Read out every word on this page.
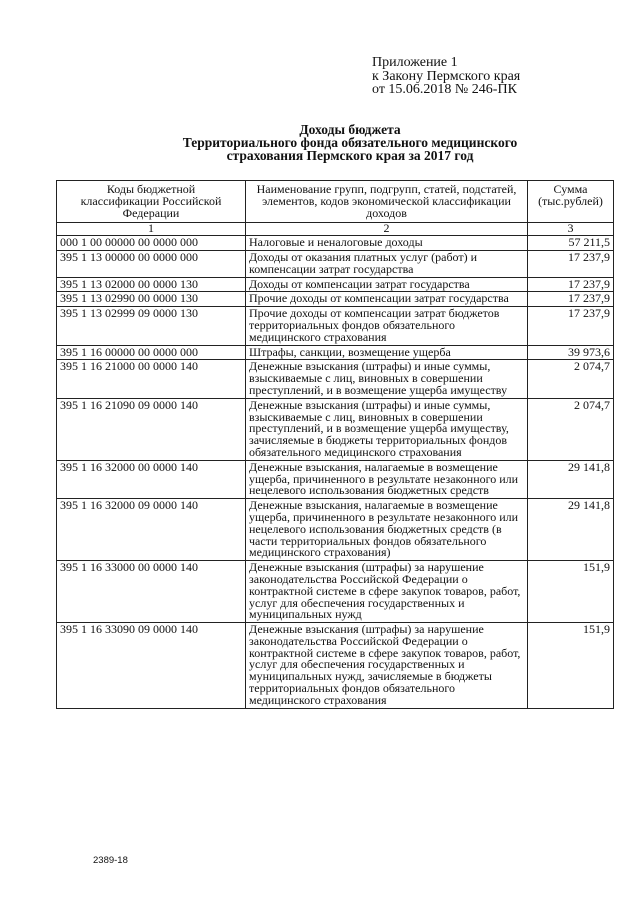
Приложение 1
к Закону Пермского края
от 15.06.2018 № 246-ПК
Доходы бюджета
Территориального фонда обязательного медицинского
страхования Пермского края за 2017 год
Коды бюджетной классификации Российской Федерации	Наименование групп, подгрупп, статей, подстатей, элементов, кодов экономической классификации доходов	Сумма (тыс.рублей)
1	2	3
000 1 00 00000 00 0000 000	Налоговые и неналоговые доходы	57 211,5
395 1 13 00000 00 0000 000	Доходы от оказания платных услуг (работ) и компенсации затрат государства	17 237,9
395 1 13 02000 00 0000 130	Доходы от компенсации затрат государства	17 237,9
395 1 13 02990 00 0000 130	Прочие доходы от компенсации затрат государства	17 237,9
395 1 13 02999 09 0000 130	Прочие доходы от компенсации затрат бюджетов территориальных фондов обязательного медицинского страхования	17 237,9
395 1 16 00000 00 0000 000	Штрафы, санкции, возмещение ущерба	39 973,6
395 1 16 21000 00 0000 140	Денежные взыскания (штрафы) и иные суммы, взыскиваемые с лиц, виновных в совершении преступлений, и в возмещение ущерба имуществу	2 074,7
395 1 16 21090 09 0000 140	Денежные взыскания (штрафы) и иные суммы, взыскиваемые с лиц, виновных в совершении преступлений, и в возмещение ущерба имуществу, зачисляемые в бюджеты территориальных фондов обязательного медицинского страхования	2 074,7
395 1 16 32000 00 0000 140	Денежные взыскания, налагаемые в возмещение ущерба, причиненного в результате незаконного или нецелевого использования бюджетных средств	29 141,8
395 1 16 32000 09 0000 140	Денежные взыскания, налагаемые в возмещение ущерба, причиненного в результате незаконного или нецелевого использования бюджетных средств (в части территориальных фондов обязательного медицинского страхования)	29 141,8
395 1 16 33000 00 0000 140	Денежные взыскания (штрафы) за нарушение законодательства Российской Федерации о контрактной системе в сфере закупок товаров, работ, услуг для обеспечения государственных и муниципальных нужд	151,9
395 1 16 33090 09 0000 140	Денежные взыскания (штрафы) за нарушение законодательства Российской Федерации о контрактной системе в сфере закупок товаров, работ, услуг для обеспечения государственных и муниципальных нужд, зачисляемые в бюджеты территориальных фондов обязательного медицинского страхования	151,9
2389-18
